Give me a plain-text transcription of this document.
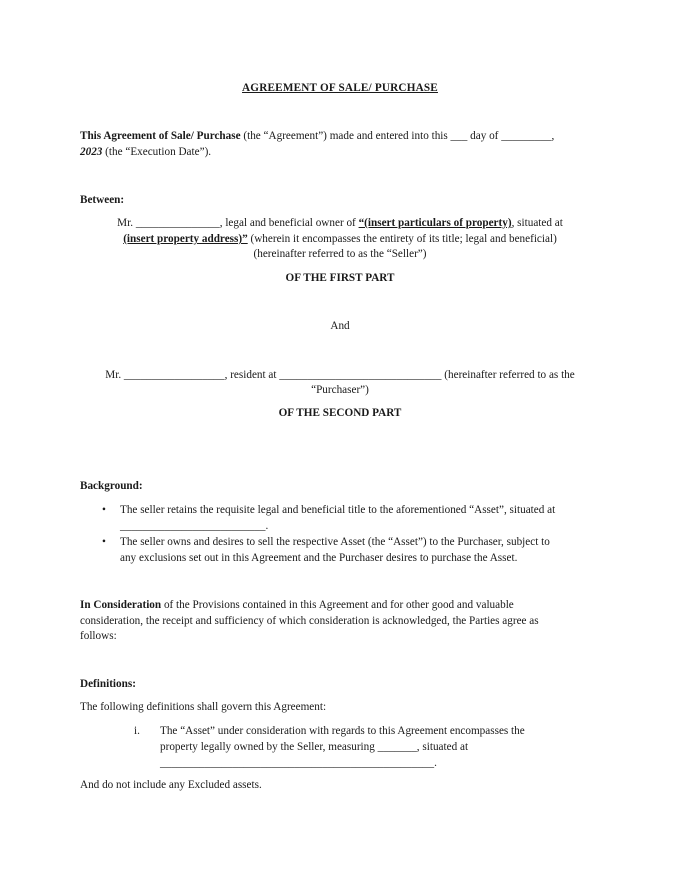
AGREEMENT OF SALE/ PURCHASE
This Agreement of Sale/ Purchase (the “Agreement”) made and entered into this ___ day of _________,
2023 (the “Execution Date”).
Between:
Mr. _______________, legal and beneficial owner of “(insert particulars of property), situated at
(insert property address)” (wherein it encompasses the entirety of its title; legal and beneficial)
(hereinafter referred to as the “Seller”)
OF THE FIRST PART
And
Mr. __________________, resident at _____________________________ (hereinafter referred to as the
“Purchaser”)
OF THE SECOND PART
Background:
• The seller retains the requisite legal and beneficial title to the aforementioned “Asset”, situated at
__________________________.
• The seller owns and desires to sell the respective Asset (the “Asset”) to the Purchaser, subject to
any exclusions set out in this Agreement and the Purchaser desires to purchase the Asset.
In Consideration of the Provisions contained in this Agreement and for other good and valuable
consideration, the receipt and sufficiency of which consideration is acknowledged, the Parties agree as
follows:
Definitions:
The following definitions shall govern this Agreement:
i. The “Asset” under consideration with regards to this Agreement encompasses the
property legally owned by the Seller, measuring _______, situated at
_________________________________________________.
And do not include any Excluded assets.
